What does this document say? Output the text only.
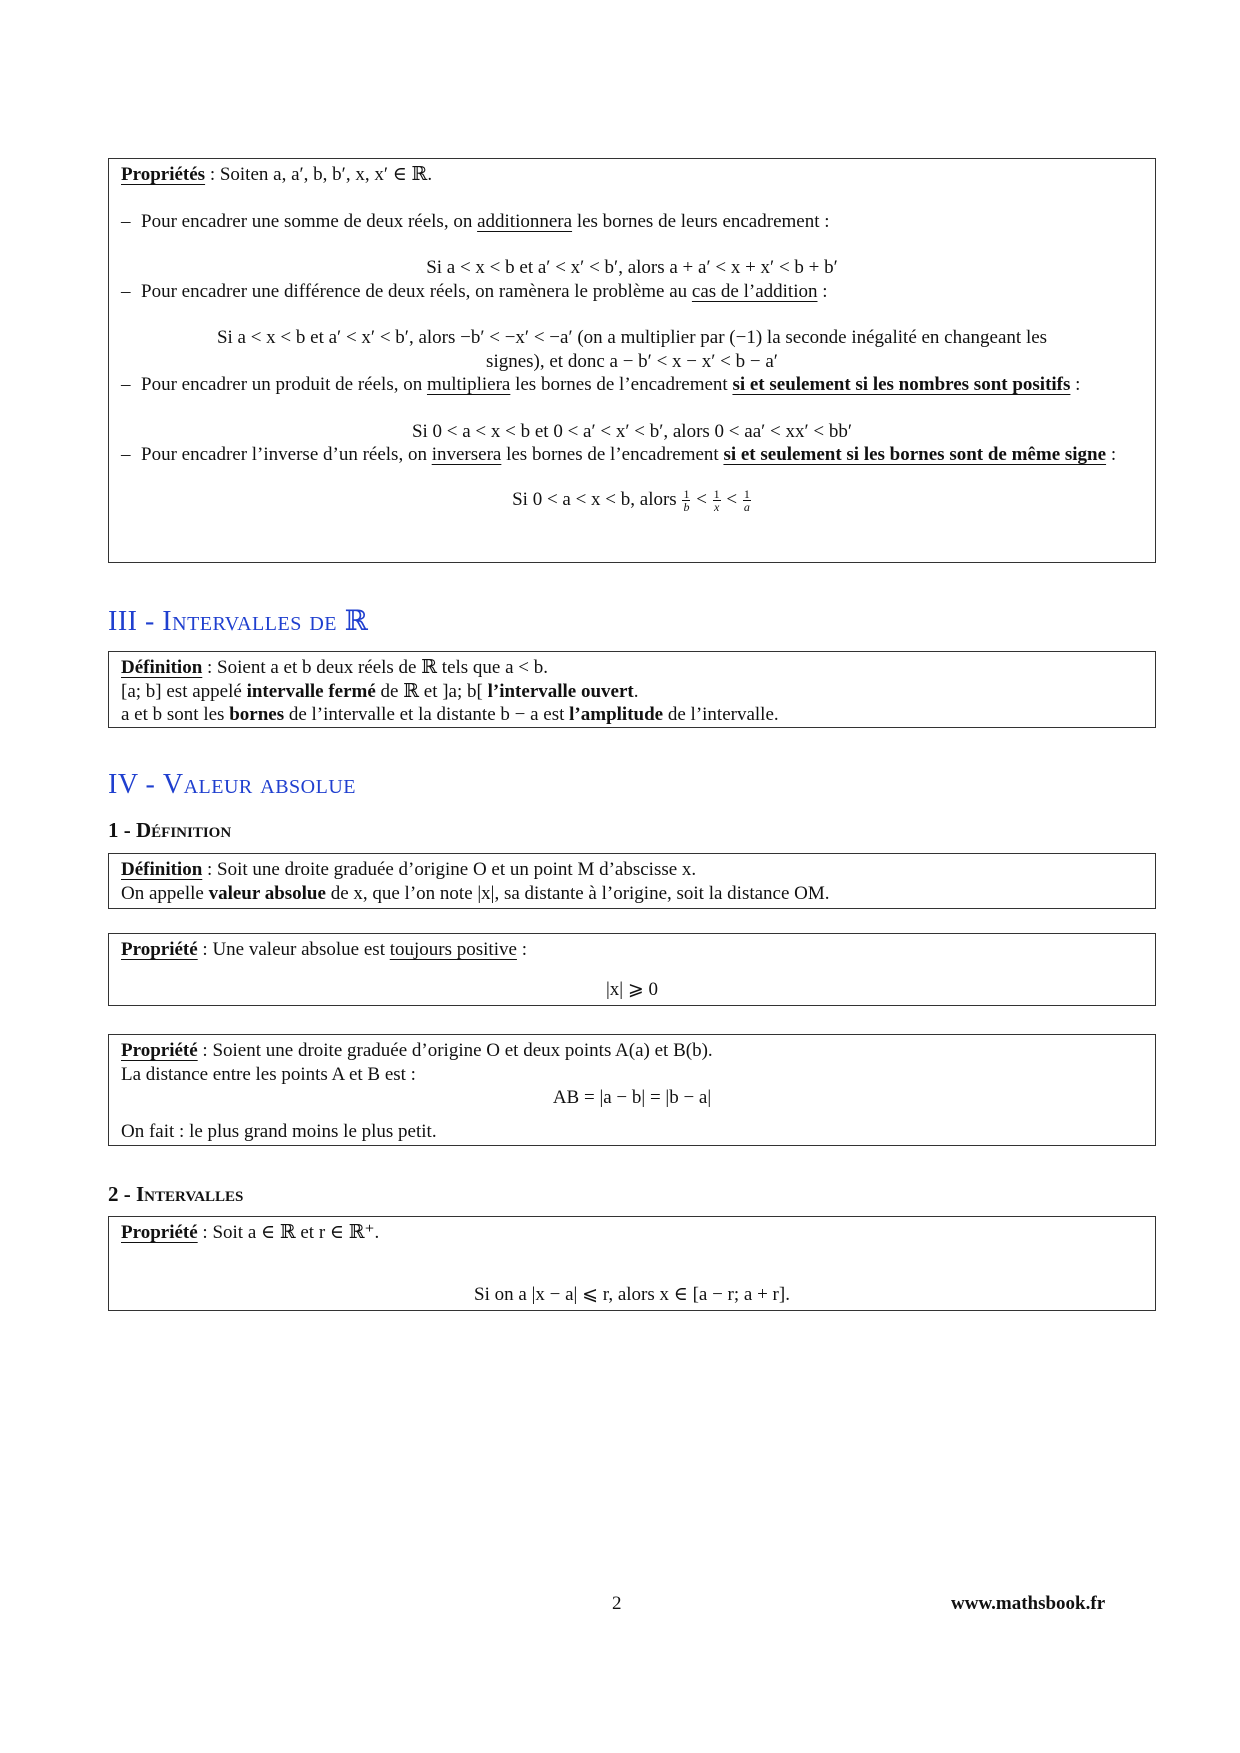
Propriétés : Soiten a, a′, b, b′, x, x′ ∈ ℝ.
– Pour encadrer une somme de deux réels, on additionnera les bornes de leurs encadrement :
Si a < x < b et a′ < x′ < b′, alors a + a′ < x + x′ < b + b′
– Pour encadrer une différence de deux réels, on ramènera le problème au cas de l’addition :
Si a < x < b et a′ < x′ < b′, alors −b′ < −x′ < −a′ (on a multiplier par (−1) la seconde inégalité en changeant les
signes), et donc a − b′ < x − x′ < b − a′
– Pour encadrer un produit de réels, on multipliera les bornes de l’encadrement si et seulement si les nombres sont positifs :
Si 0 < a < x < b et 0 < a′ < x′ < b′, alors 0 < aa′ < xx′ < bb′
– Pour encadrer l’inverse d’un réels, on inversera les bornes de l’encadrement si et seulement si les bornes sont de même signe :
Si 0 < a < x < b, alors $\frac{1}{b} < \frac{1}{x} < \frac{1}{a}$
III - Intervalles de ℝ
Définition : Soient a et b deux réels de ℝ tels que a < b.
[a; b] est appelé intervalle fermé de ℝ et ]a; b[ l’intervalle ouvert.
a et b sont les bornes de l’intervalle et la distante b − a est l’amplitude de l’intervalle.
IV - Valeur absolue
1 - Définition
Définition : Soit une droite graduée d’origine O et un point M d’abscisse x.
On appelle valeur absolue de x, que l’on note |x|, sa distante à l’origine, soit la distance OM.
Propriété : Une valeur absolue est toujours positive :
|x| ⩾ 0
Propriété : Soient une droite graduée d’origine O et deux points A(a) et B(b).
La distance entre les points A et B est :
AB = |a − b| = |b − a|
On fait : le plus grand moins le plus petit.
2 - Intervalles
Propriété : Soit a ∈ ℝ et r ∈ ℝ⁺.
Si on a |x − a| ⩽ r, alors x ∈ [a − r; a + r].
2	www.mathsbook.fr
